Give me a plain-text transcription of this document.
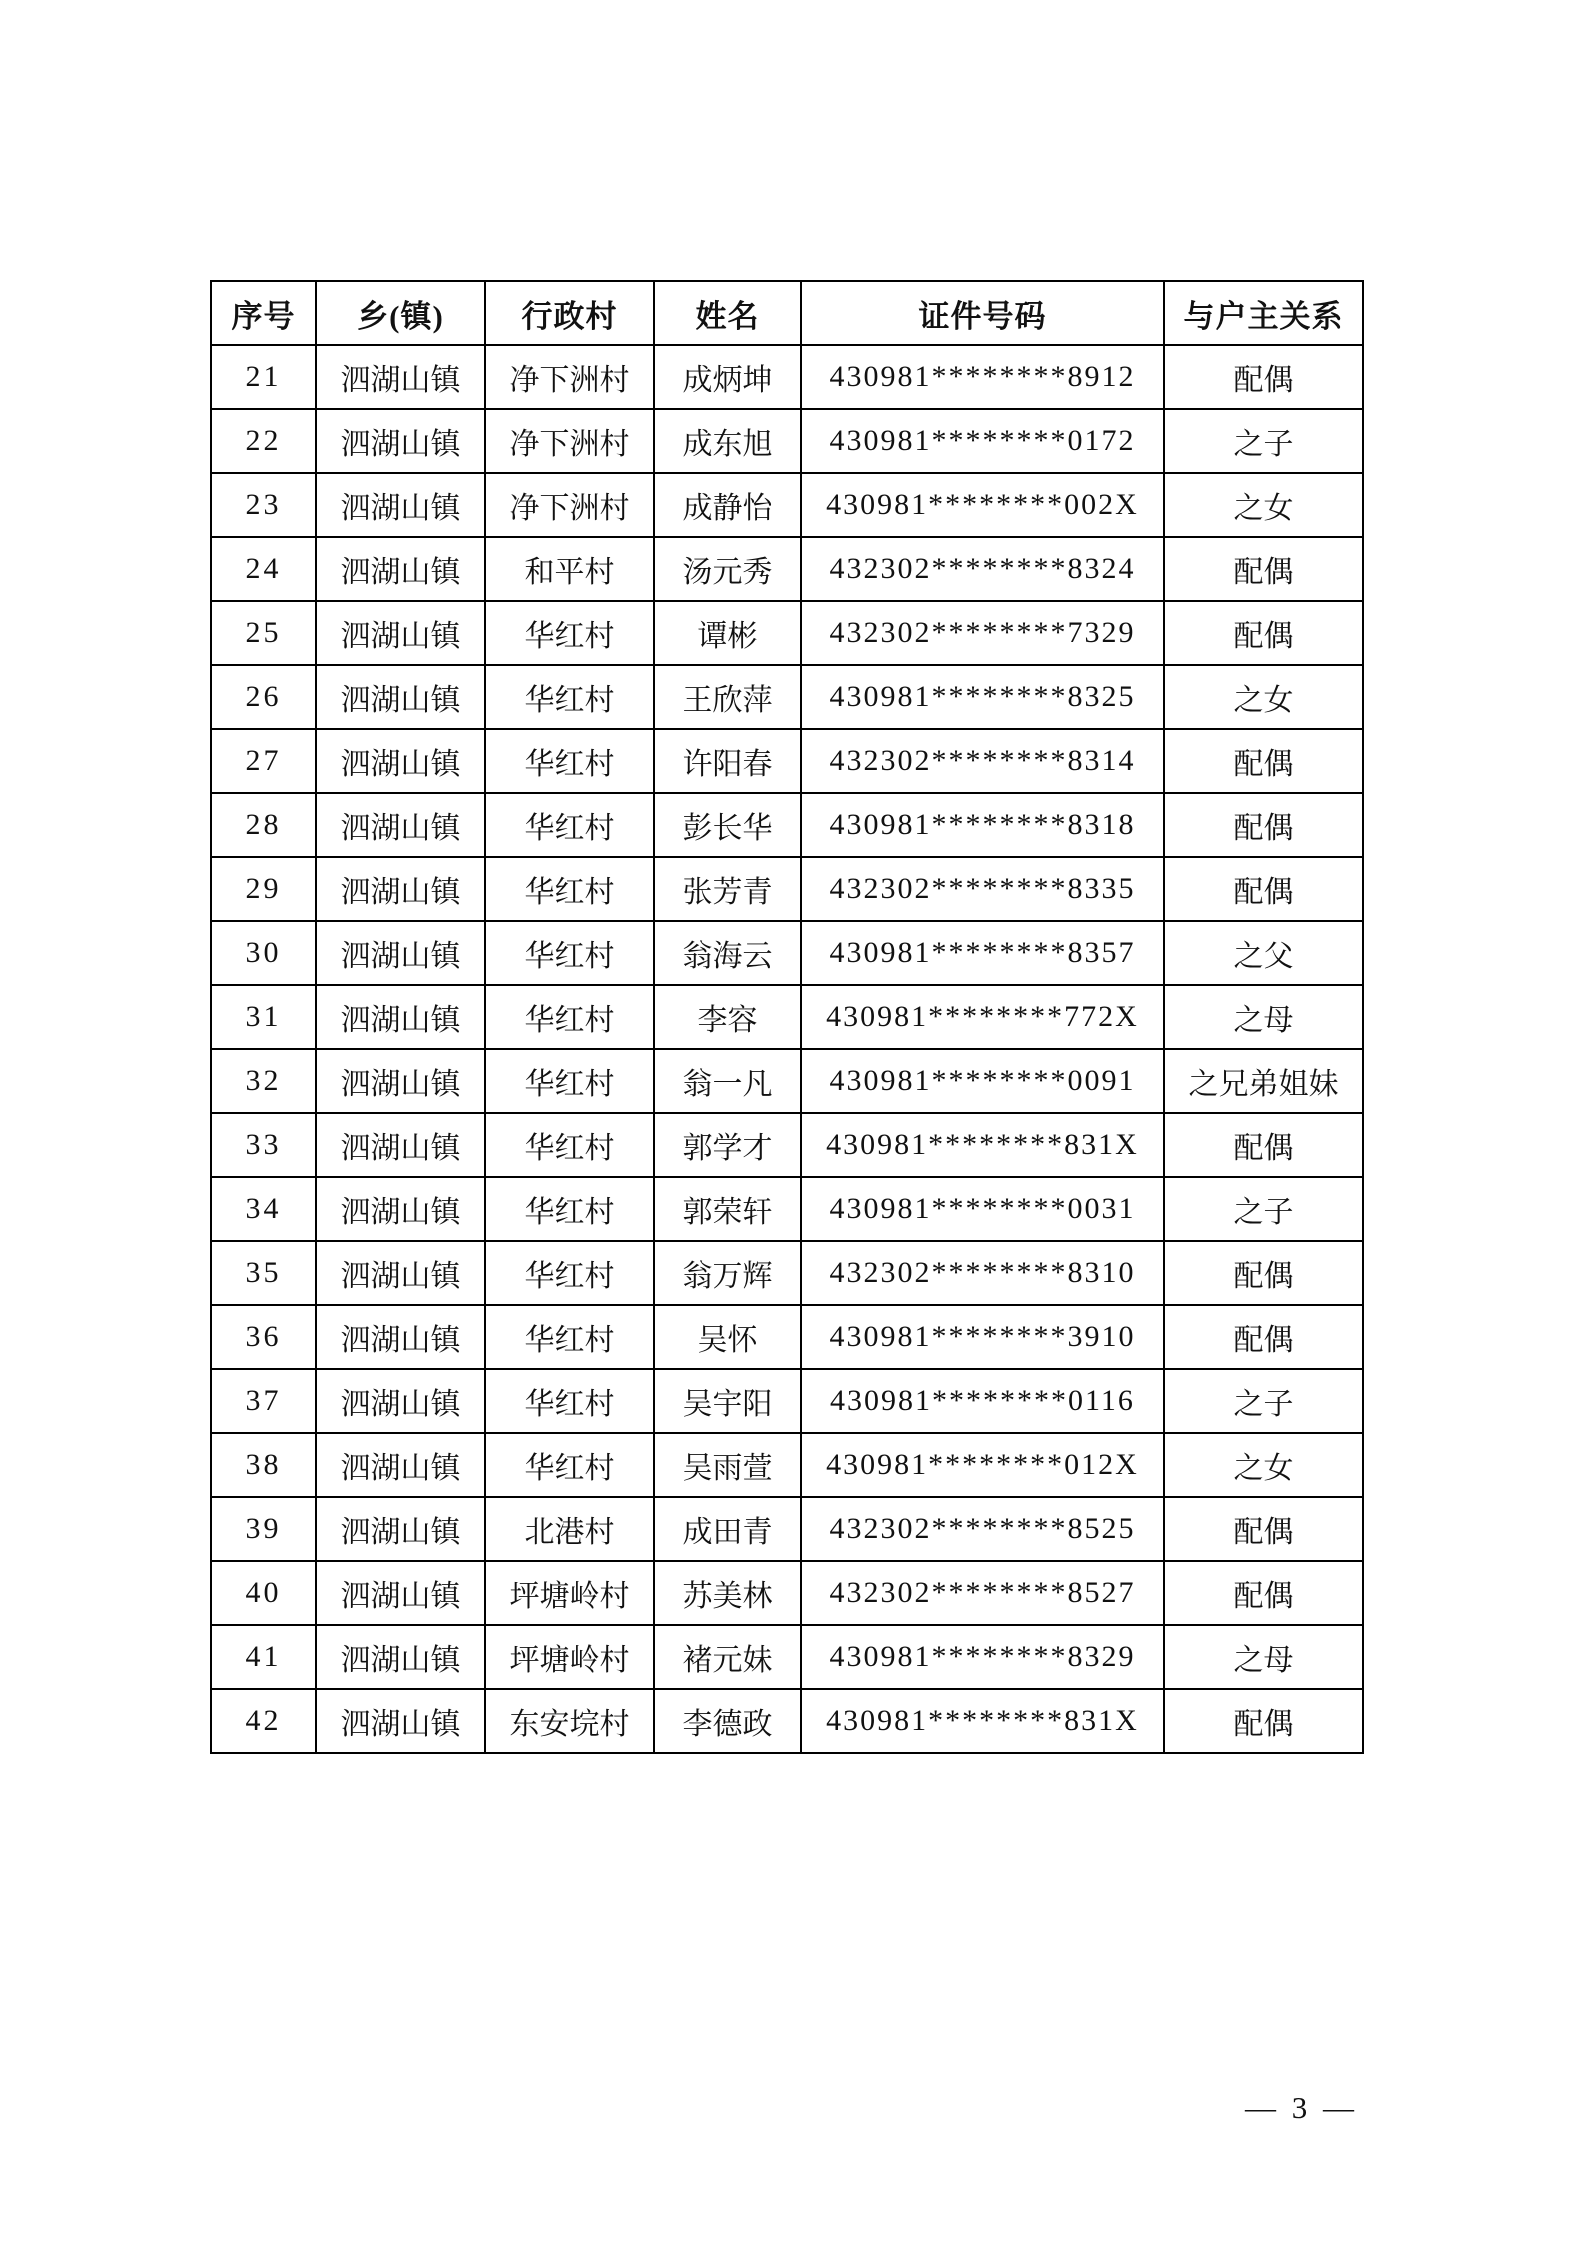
序号	乡(镇)	行政村	姓名	证件号码	与户主关系
21	泗湖山镇	净下洲村	成炳坤	430981********8912	配偶
22	泗湖山镇	净下洲村	成东旭	430981********0172	之子
23	泗湖山镇	净下洲村	成静怡	430981********002X	之女
24	泗湖山镇	和平村	汤元秀	432302********8324	配偶
25	泗湖山镇	华红村	谭彬	432302********7329	配偶
26	泗湖山镇	华红村	王欣萍	430981********8325	之女
27	泗湖山镇	华红村	许阳春	432302********8314	配偶
28	泗湖山镇	华红村	彭长华	430981********8318	配偶
29	泗湖山镇	华红村	张芳青	432302********8335	配偶
30	泗湖山镇	华红村	翁海云	430981********8357	之父
31	泗湖山镇	华红村	李容	430981********772X	之母
32	泗湖山镇	华红村	翁一凡	430981********0091	之兄弟姐妹
33	泗湖山镇	华红村	郭学才	430981********831X	配偶
34	泗湖山镇	华红村	郭荣轩	430981********0031	之子
35	泗湖山镇	华红村	翁万辉	432302********8310	配偶
36	泗湖山镇	华红村	吴怀	430981********3910	配偶
37	泗湖山镇	华红村	吴宇阳	430981********0116	之子
38	泗湖山镇	华红村	吴雨萱	430981********012X	之女
39	泗湖山镇	北港村	成田青	432302********8525	配偶
40	泗湖山镇	坪塘岭村	苏美林	432302********8527	配偶
41	泗湖山镇	坪塘岭村	褚元妹	430981********8329	之母
42	泗湖山镇	东安垸村	李德政	430981********831X	配偶
— 3 —
